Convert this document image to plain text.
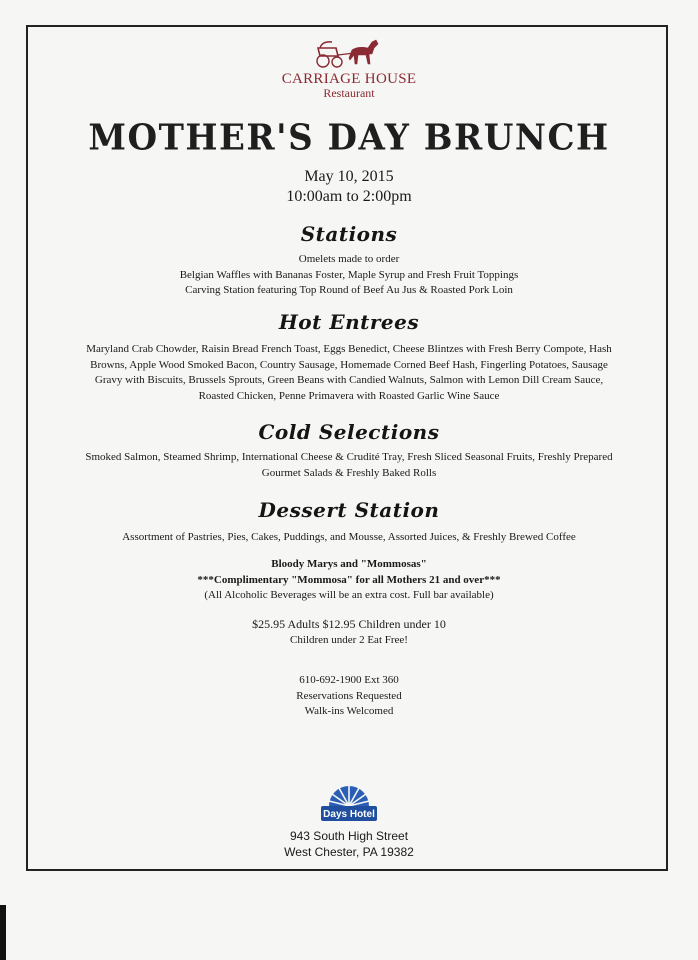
CARRIAGE HOUSE
Restaurant
MOTHER'S DAY BRUNCH
May 10, 2015
10:00am to 2:00pm
Stations
Omelets made to order
Belgian Waffles with Bananas Foster, Maple Syrup and Fresh Fruit Toppings
Carving Station featuring Top Round of Beef Au Jus & Roasted Pork Loin
Hot Entrees
Maryland Crab Chowder, Raisin Bread French Toast, Eggs Benedict, Cheese Blintzes with Fresh Berry Compote, Hash Browns, Apple Wood Smoked Bacon, Country Sausage, Homemade Corned Beef Hash, Fingerling Potatoes, Sausage Gravy with Biscuits, Brussels Sprouts, Green Beans with Candied Walnuts, Salmon with Lemon Dill Cream Sauce, Roasted Chicken, Penne Primavera with Roasted Garlic Wine Sauce
Cold Selections
Smoked Salmon, Steamed Shrimp, International Cheese & Crudité Tray, Fresh Sliced Seasonal Fruits, Freshly Prepared Gourmet Salads & Freshly Baked Rolls
Dessert Station
Assortment of Pastries, Pies, Cakes, Puddings, and Mousse, Assorted Juices, & Freshly Brewed Coffee
Bloody Marys and "Mommosas"
***Complimentary "Mommosa" for all Mothers 21 and over***
(All Alcoholic Beverages will be an extra cost. Full bar available)
$25.95 Adults $12.95 Children under 10
Children under 2 Eat Free!
610-692-1900 Ext 360
Reservations Requested
Walk-ins Welcomed
Days Hotel
943 South High Street
West Chester, PA 19382
